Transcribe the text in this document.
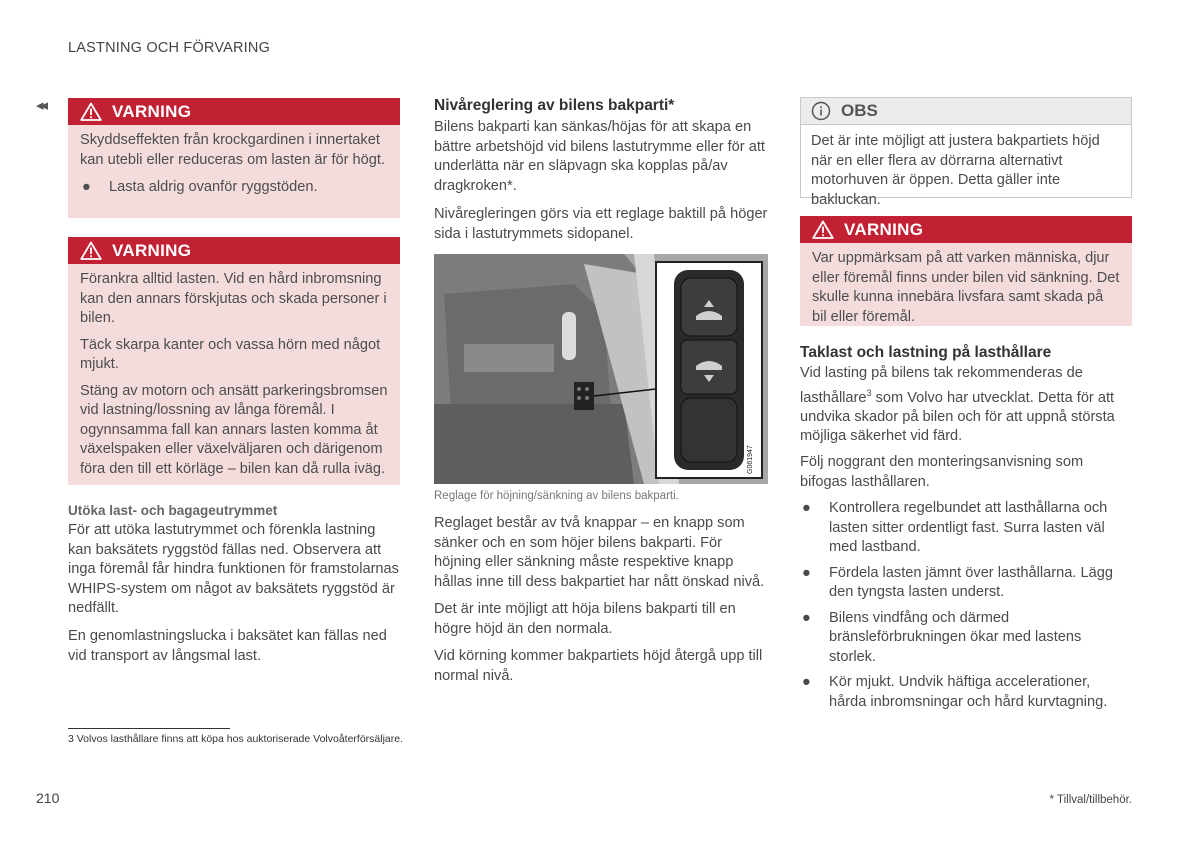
LASTNING OCH FÖRVARING
◂◂	VARNING

Skyddseffekten från krockgardinen i innertaket kan utebli eller reduceras om lasten är för högt.

●	Lasta aldrig ovanför ryggstöden.
VARNING

Förankra alltid lasten. Vid en hård inbromsning kan den annars förskjutas och skada personer i bilen.

Täck skarpa kanter och vassa hörn med något mjukt.

Stäng av motorn och ansätt parkeringsbromsen vid lastning/lossning av långa föremål. I ogynnsamma fall kan annars lasten komma åt växelspaken eller växelväljaren och därigenom föra den till ett körläge – bilen kan då rulla iväg.

Utöka last- och bagageutrymmet

För att utöka lastutrymmet och förenkla lastning kan baksätets ryggstöd fällas ned. Observera att inga föremål får hindra funktionen för framstolarnas WHIPS-system om något av baksätets ryggstöd är nedfällt.

En genomlastningslucka i baksätet kan fällas ned vid transport av långsmal last.

Nivåreglering av bilens bakparti*

Bilens bakparti kan sänkas/höjas för att skapa en bättre arbetshöjd vid bilens lastutrymme eller för att underlätta när en släpvagn ska kopplas på/av dragkroken*.

Nivåregleringen görs via ett reglage baktill på höger sida i lastutrymmets sidopanel.

G061947
Reglage för höjning/sänkning av bilens bakparti.

Reglaget består av två knappar – en knapp som sänker och en som höjer bilens bakparti. För höjning eller sänkning måste respektive knapp hållas inne till dess bakpartiet har nått önskad nivå.

Det är inte möjligt att höja bilens bakparti till en högre höjd än den normala.

Vid körning kommer bakpartiets höjd återgå upp till normal nivå.

OBS

Det är inte möjligt att justera bakpartiets höjd när en eller flera av dörrarna alternativt motorhuven är öppen. Detta gäller inte bakluckan.

VARNING

Var uppmärksam på att varken människa, djur eller föremål finns under bilen vid sänkning. Det skulle kunna innebära livsfara samt skada på bil eller föremål.

Taklast och lastning på lasthållare

Vid lasting på bilens tak rekommenderas de lasthållare$^3$ som Volvo har utvecklat. Detta för att undvika skador på bilen och för att uppnå största möjliga säkerhet vid färd.

Följ noggrant den monteringsanvisning som bifogas lasthållaren.

●	Kontrollera regelbundet att lasthållarna och lasten sitter ordentligt fast. Surra lasten väl med lastband.
●	Fördela lasten jämnt över lasthållarna. Lägg den tyngsta lasten underst.
●	Bilens vindfång och därmed bränsleförbrukningen ökar med lastens storlek.
●	Kör mjukt. Undvik häftiga accelerationer, hårda inbromsningar och hård kurvtagning.
3 Volvos lasthållare finns att köpa hos auktoriserade Volvoåterförsäljare.
210	* Tillval/tillbehör.
